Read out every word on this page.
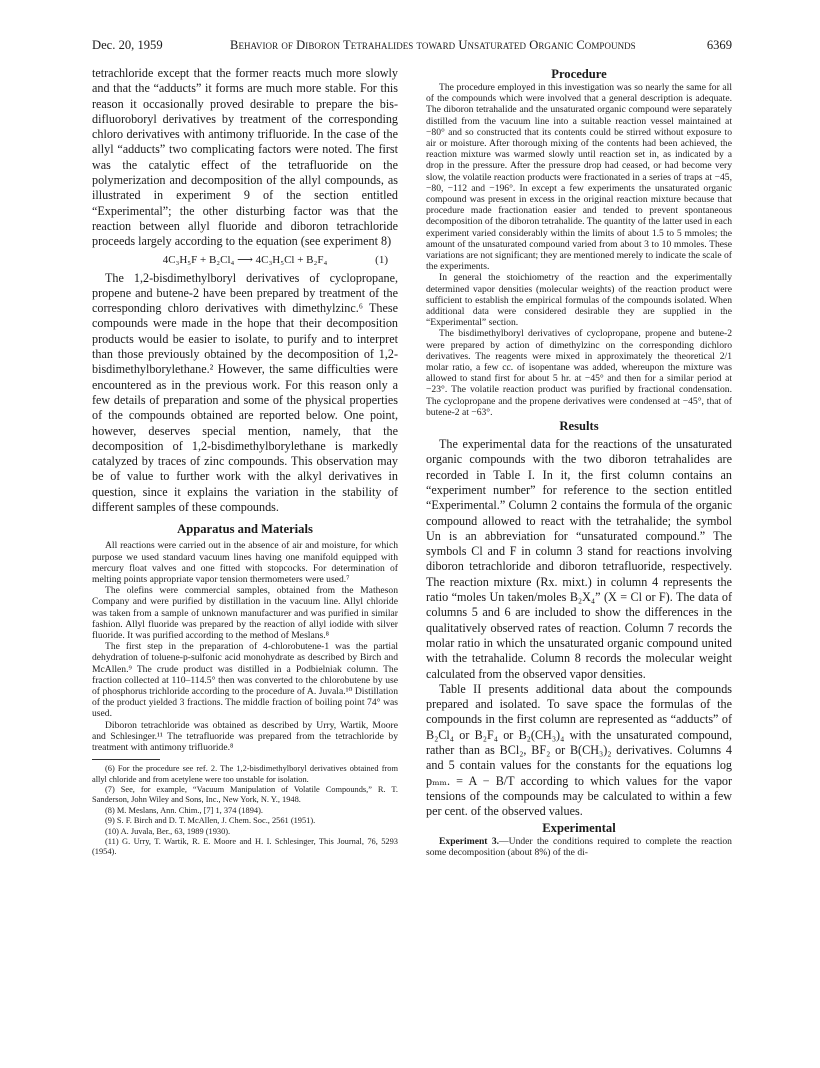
Dec. 20, 1959	Behavior of Diboron Tetrahalides toward Unsaturated Organic Compounds	6369

tetrachloride except that the former reacts much more slowly and that the “adducts” it forms are much more stable. For this reason it occasionally proved desirable to prepare the bis-difluoroboryl derivatives by treatment of the corresponding chloro derivatives with antimony trifluoride. In the case of the allyl “adducts” two complicating factors were noted. The first was the catalytic effect of the tetrafluoride on the polymerization and decomposition of the allyl compounds, as illustrated in experiment 9 of the section entitled “Experimental”; the other disturbing factor was that the reaction between allyl fluoride and diboron tetrachloride proceeds largely according to the equation (see experiment 8)

4C₃H₅F + B₂Cl₄ ⟶ 4C₃H₅Cl + B₂F₄	(1)

The 1,2-bisdimethylboryl derivatives of cyclopropane, propene and butene-2 have been prepared by treatment of the corresponding chloro derivatives with dimethylzinc.⁶ These compounds were made in the hope that their decomposition products would be easier to isolate, to purify and to interpret than those previously obtained by the decomposition of 1,2-bisdimethylborylethane.² However, the same difficulties were encountered as in the previous work. For this reason only a few details of preparation and some of the physical properties of the compounds obtained are reported below. One point, however, deserves special mention, namely, that the decomposition of 1,2-bisdimethylborylethane is markedly catalyzed by traces of zinc compounds. This observation may be of value to further work with the alkyl derivatives in question, since it explains the variation in the stability of different samples of these compounds.

Apparatus and Materials

All reactions were carried out in the absence of air and moisture, for which purpose we used standard vacuum lines having one manifold equipped with mercury float valves and one fitted with stopcocks. For determination of melting points appropriate vapor tension thermometers were used.⁷

The olefins were commercial samples, obtained from the Matheson Company and were purified by distillation in the vacuum line. Allyl chloride was taken from a sample of unknown manufacturer and was purified in similar fashion. Allyl fluoride was prepared by the reaction of allyl iodide with silver fluoride. It was purified according to the method of Meslans.⁸

The first step in the preparation of 4-chlorobutene-1 was the partial dehydration of toluene-p-sulfonic acid monohydrate as described by Birch and McAllen.⁹ The crude product was distilled in a Podbielniak column. The fraction collected at 110–114.5° then was converted to the chlorobutene by use of phosphorus trichloride according to the procedure of A. Juvala.¹⁰ Distillation of the product yielded 3 fractions. The middle fraction of boiling point 74° was used.

Diboron tetrachloride was obtained as described by Urry, Wartik, Moore and Schlesinger.¹¹ The tetrafluoride was prepared from the tetrachloride by treatment with antimony trifluoride.⁸

(6) For the procedure see ref. 2. The 1,2-bisdimethylboryl derivatives obtained from allyl chloride and from acetylene were too unstable for isolation.

(7) See, for example, “Vacuum Manipulation of Volatile Compounds,” R. T. Sanderson, John Wiley and Sons, Inc., New York, N. Y., 1948.

(8) M. Meslans, Ann. Chim., [7] 1, 374 (1894).

(9) S. F. Birch and D. T. McAllen, J. Chem. Soc., 2561 (1951).

(10) A. Juvala, Ber., 63, 1989 (1930).

(11) G. Urry, T. Wartik, R. E. Moore and H. I. Schlesinger, This Journal, 76, 5293 (1954).

Procedure

The procedure employed in this investigation was so nearly the same for all of the compounds which were involved that a general description is adequate. The diboron tetrahalide and the unsaturated organic compound were separately distilled from the vacuum line into a suitable reaction vessel maintained at −80° and so constructed that its contents could be stirred without exposure to air or moisture. After thorough mixing of the contents had been achieved, the reaction mixture was warmed slowly until reaction set in, as indicated by a drop in the pressure. After the pressure drop had ceased, or had become very slow, the volatile reaction products were fractionated in a series of traps at −45, −80, −112 and −196°. In except a few experiments the unsaturated organic compound was present in excess in the original reaction mixture because that procedure made fractionation easier and tended to prevent spontaneous decomposition of the diboron tetrahalide. The quantity of the latter used in each experiment varied considerably within the limits of about 1.5 to 5 mmoles; the amount of the unsaturated compound varied from about 3 to 10 mmoles. These variations are not significant; they are mentioned merely to indicate the scale of the experiments.

In general the stoichiometry of the reaction and the experimentally determined vapor densities (molecular weights) of the reaction product were sufficient to establish the empirical formulas of the compounds isolated. When additional data were considered desirable they are supplied in the “Experimental” section.

The bisdimethylboryl derivatives of cyclopropane, propene and butene-2 were prepared by action of dimethylzinc on the corresponding dichloro derivatives. The reagents were mixed in approximately the theoretical 2/1 molar ratio, a few cc. of isopentane was added, whereupon the mixture was allowed to stand first for about 5 hr. at −45° and then for a similar period at −23°. The volatile reaction product was purified by fractional condensation. The cyclopropane and the propene derivatives were condensed at −45°, that of butene-2 at −63°.

Results

The experimental data for the reactions of the unsaturated organic compounds with the two diboron tetrahalides are recorded in Table I. In it, the first column contains an “experiment number” for reference to the section entitled “Experimental.” Column 2 contains the formula of the organic compound allowed to react with the tetrahalide; the symbol Un is an abbreviation for “unsaturated compound.” The symbols Cl and F in column 3 stand for reactions involving diboron tetrachloride and diboron tetrafluoride, respectively. The reaction mixture (Rx. mixt.) in column 4 represents the ratio “moles Un taken/moles B₂X₄” (X = Cl or F). The data of columns 5 and 6 are included to show the differences in the qualitatively observed rates of reaction. Column 7 records the molar ratio in which the unsaturated organic compound united with the tetrahalide. Column 8 records the molecular weight calculated from the observed vapor densities.

Table II presents additional data about the compounds prepared and isolated. To save space the formulas of the compounds in the first column are represented as “adducts” of B₂Cl₄ or B₂F₄ or B₂(CH₃)₄ with the unsaturated compound, rather than as BCl₂, BF₂ or B(CH₃)₂ derivatives. Columns 4 and 5 contain values for the constants for the equations log pₘₘ. = A − B/T according to which values for the vapor tensions of the compounds may be calculated to within a few per cent. of the observed values.

Experimental

Experiment 3.—Under the conditions required to complete the reaction some decomposition (about 8%) of the di-
